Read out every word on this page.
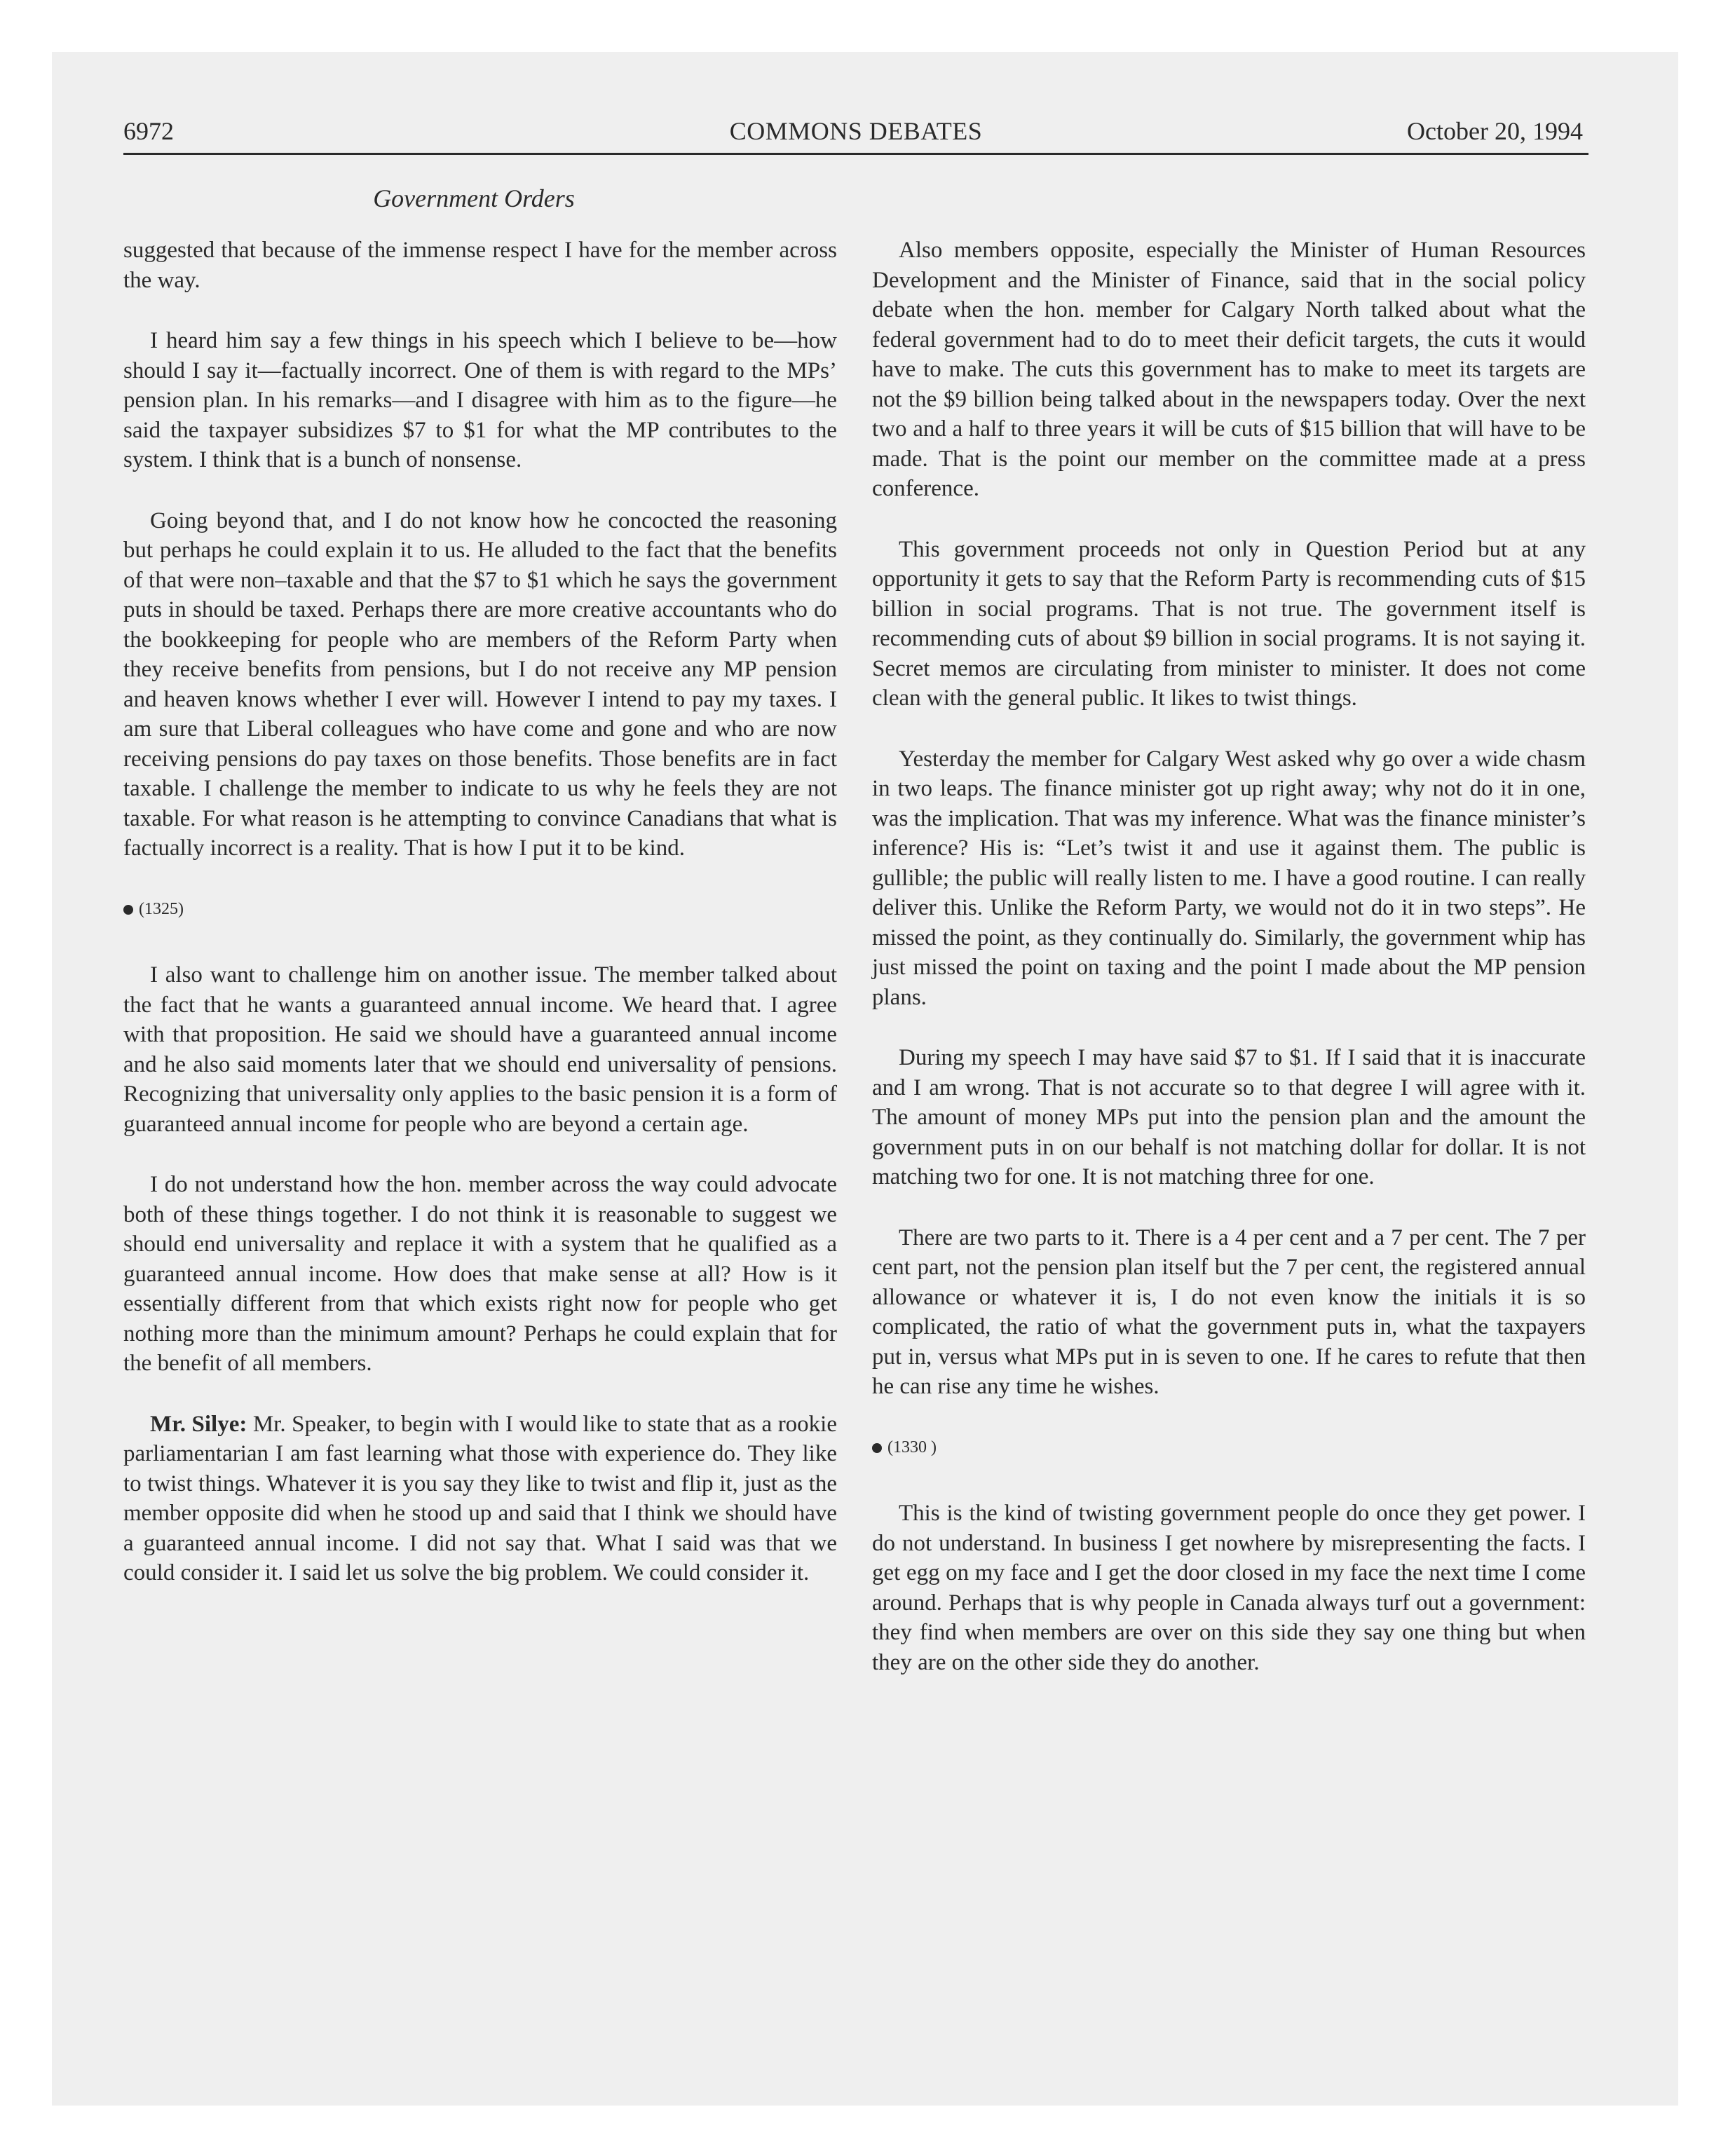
6972	COMMONS DEBATES	October 20, 1994
Government Orders

suggested that because of the immense respect I have for the member across the way.

I heard him say a few things in his speech which I believe to be—how should I say it—factually incorrect. One of them is with regard to the MPs’ pension plan. In his remarks—and I disagree with him as to the figure—he said the taxpayer subsidizes $7 to $1 for what the MP contributes to the system. I think that is a bunch of nonsense.

Going beyond that, and I do not know how he concocted the reasoning but perhaps he could explain it to us. He alluded to the fact that the benefits of that were non–taxable and that the $7 to $1 which he says the government puts in should be taxed. Perhaps there are more creative accountants who do the bookkeeping for people who are members of the Reform Party when they receive benefits from pensions, but I do not receive any MP pension and heaven knows whether I ever will. However I intend to pay my taxes. I am sure that Liberal colleagues who have come and gone and who are now receiving pensions do pay taxes on those benefits. Those benefits are in fact taxable. I challenge the member to indicate to us why he feels they are not taxable. For what reason is he attempting to convince Canadians that what is factually incorrect is a reality. That is how I put it to be kind.

(1325)

I also want to challenge him on another issue. The member talked about the fact that he wants a guaranteed annual income. We heard that. I agree with that proposition. He said we should have a guaranteed annual income and he also said moments later that we should end universality of pensions. Recognizing that universality only applies to the basic pension it is a form of guaranteed annual income for people who are beyond a certain age.

I do not understand how the hon. member across the way could advocate both of these things together. I do not think it is reasonable to suggest we should end universality and replace it with a system that he qualified as a guaranteed annual income. How does that make sense at all? How is it essentially different from that which exists right now for people who get nothing more than the minimum amount? Perhaps he could explain that for the benefit of all members.

Mr. Silye: Mr. Speaker, to begin with I would like to state that as a rookie parliamentarian I am fast learning what those with experience do. They like to twist things. Whatever it is you say they like to twist and flip it, just as the member opposite did when he stood up and said that I think we should have a guaranteed annual income. I did not say that. What I said was that we could consider it. I said let us solve the big problem. We could consider it.

Also members opposite, especially the Minister of Human Resources Development and the Minister of Finance, said that in the social policy debate when the hon. member for Calgary North talked about what the federal government had to do to meet their deficit targets, the cuts it would have to make. The cuts this government has to make to meet its targets are not the $9 billion being talked about in the newspapers today. Over the next two and a half to three years it will be cuts of $15 billion that will have to be made. That is the point our member on the committee made at a press conference.

This government proceeds not only in Question Period but at any opportunity it gets to say that the Reform Party is recommending cuts of $15 billion in social programs. That is not true. The government itself is recommending cuts of about $9 billion in social programs. It is not saying it. Secret memos are circulating from minister to minister. It does not come clean with the general public. It likes to twist things.

Yesterday the member for Calgary West asked why go over a wide chasm in two leaps. The finance minister got up right away; why not do it in one, was the implication. That was my inference. What was the finance minister’s inference? His is: “Let’s twist it and use it against them. The public is gullible; the public will really listen to me. I have a good routine. I can really deliver this. Unlike the Reform Party, we would not do it in two steps”. He missed the point, as they continually do. Similarly, the government whip has just missed the point on taxing and the point I made about the MP pension plans.

During my speech I may have said $7 to $1. If I said that it is inaccurate and I am wrong. That is not accurate so to that degree I will agree with it. The amount of money MPs put into the pension plan and the amount the government puts in on our behalf is not matching dollar for dollar. It is not matching two for one. It is not matching three for one.

There are two parts to it. There is a 4 per cent and a 7 per cent. The 7 per cent part, not the pension plan itself but the 7 per cent, the registered annual allowance or whatever it is, I do not even know the initials it is so complicated, the ratio of what the government puts in, what the taxpayers put in, versus what MPs put in is seven to one. If he cares to refute that then he can rise any time he wishes.

(1330 )

This is the kind of twisting government people do once they get power. I do not understand. In business I get nowhere by misrepresenting the facts. I get egg on my face and I get the door closed in my face the next time I come around. Perhaps that is why people in Canada always turf out a government: they find when members are over on this side they say one thing but when they are on the other side they do another.
